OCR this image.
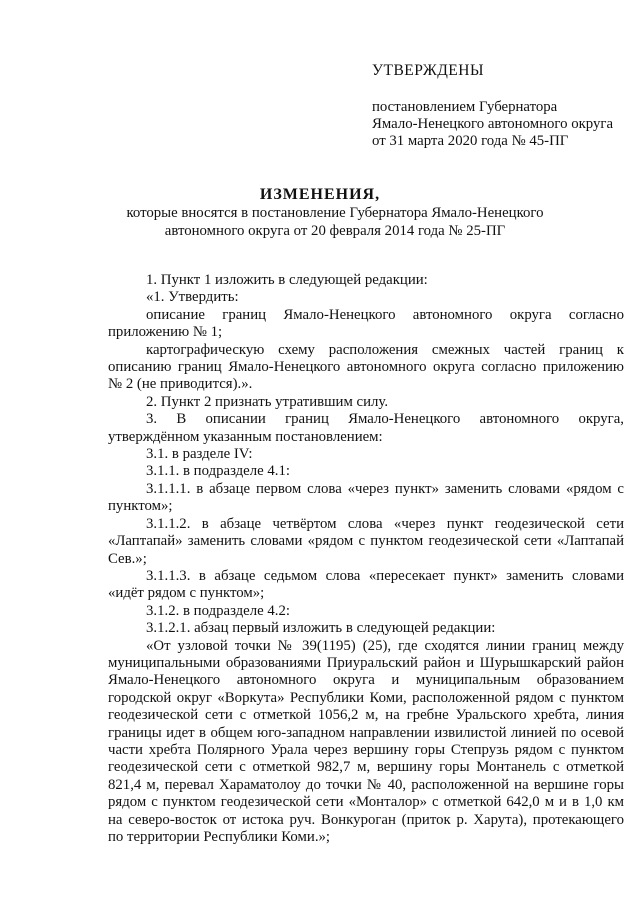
УТВЕРЖДЕНЫ
постановлением Губернатора
Ямало-Ненецкого автономного округа
от 31 марта 2020 года № 45-ПГ
ИЗМЕНЕНИЯ,
которые вносятся в постановление Губернатора Ямало-Ненецкого автономного округа от 20 февраля 2014 года № 25-ПГ

1. Пункт 1 изложить в следующей редакции:

«1. Утвердить:

описание границ Ямало-Ненецкого автономного округа согласно приложению № 1;

картографическую схему расположения смежных частей границ к описанию границ Ямало-Ненецкого автономного округа согласно приложению № 2 (не приводится).».

2. Пункт 2 признать утратившим силу.

3. В описании границ Ямало-Ненецкого автономного округа, утверждённом указанным постановлением:

3.1. в разделе IV:

3.1.1. в подразделе 4.1:

3.1.1.1. в абзаце первом слова «через пункт» заменить словами «рядом с пунктом»;

3.1.1.2. в абзаце четвёртом слова «через пункт геодезической сети «Лаптапай» заменить словами «рядом с пунктом геодезической сети «Лаптапай Сев.»;

3.1.1.3. в абзаце седьмом слова «пересекает пункт» заменить словами «идёт рядом с пунктом»;

3.1.2. в подразделе 4.2:

3.1.2.1. абзац первый изложить в следующей редакции:

«От узловой точки № 39(1195) (25), где сходятся линии границ между муниципальными образованиями Приуральский район и Шурышкарский район Ямало-Ненецкого автономного округа и муниципальным образованием городской округ «Воркута» Республики Коми, расположенной рядом с пунктом геодезической сети с отметкой 1056,2 м, на гребне Уральского хребта, линия границы идет в общем юго-западном направлении извилистой линией по осевой части хребта Полярного Урала через вершину горы Степрузь рядом с пунктом геодезической сети с отметкой 982,7 м, вершину горы Монтанель с отметкой 821,4 м, перевал Хараматолоу до точки № 40, расположенной на вершине горы рядом с пунктом геодезической сети «Монталор» с отметкой 642,0 м и в 1,0 км на северо-восток от истока руч. Вонкуроган (приток р. Харута), протекающего по территории Республики Коми.»;
